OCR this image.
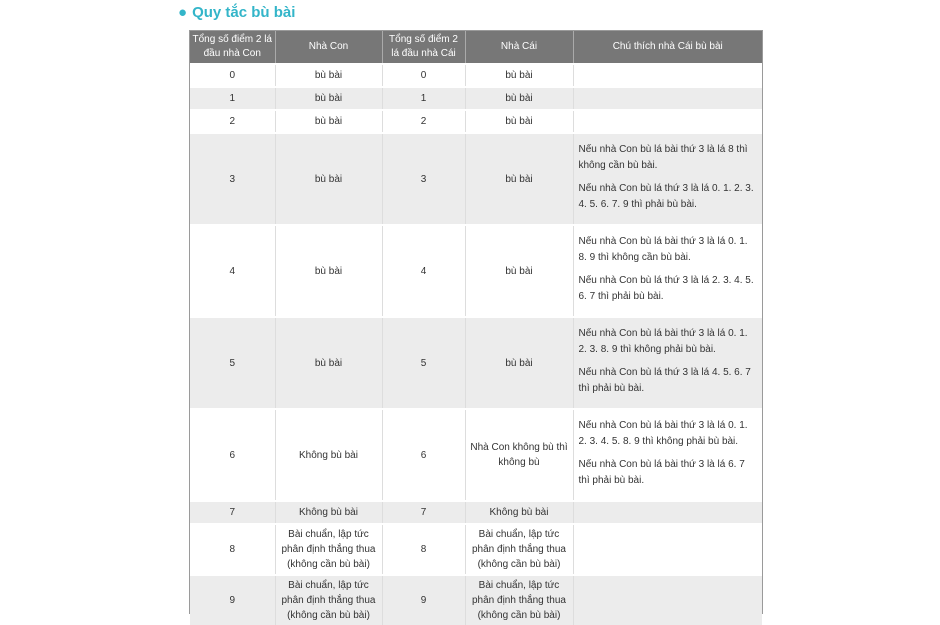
● Quy tắc bù bài
Tổng số điểm 2 lá đầu nhà Con	Nhà Con	Tổng số điểm 2 lá đầu nhà Cái	Nhà Cái	Chú thích nhà Cái bù bài
0	bù bài	0	bù bài	
1	bù bài	1	bù bài	
2	bù bài	2	bù bài	
3	bù bài	3	bù bài	Nếu nhà Con bù lá bài thứ 3 là lá 8 thì không cần bù bài.

Nếu nhà Con bù lá thứ 3 là lá 0. 1. 2. 3. 4. 5. 6. 7. 9 thì phải bù bài.

4	bù bài	4	bù bài	Nếu nhà Con bù lá bài thứ 3 là lá 0. 1. 8. 9 thì không cần bù bài.

Nếu nhà Con bù lá thứ 3 là lá 2. 3. 4. 5. 6. 7 thì phải bù bài.

5	bù bài	5	bù bài	Nếu nhà Con bù lá bài thứ 3 là lá 0. 1. 2. 3. 8. 9 thì không phải bù bài.

Nếu nhà Con bù lá thứ 3 là lá 4. 5. 6. 7 thì phải bù bài.

6	Không bù bài	6	Nhà Con không bù thì không bù	Nếu nhà Con bù lá bài thứ 3 là lá 0. 1. 2. 3. 4. 5. 8. 9 thì không phải bù bài.

Nếu nhà Con bù lá bài thứ 3 là lá 6. 7 thì phải bù bài.

7	Không bù bài	7	Không bù bài	
8	Bài chuẩn, lập tức phân định thắng thua (không cần bù bài)	8	Bài chuẩn, lập tức phân định thắng thua (không cần bù bài)	
9	Bài chuẩn, lập tức phân định thắng thua (không cần bù bài)	9	Bài chuẩn, lập tức phân định thắng thua (không cần bù bài)	
